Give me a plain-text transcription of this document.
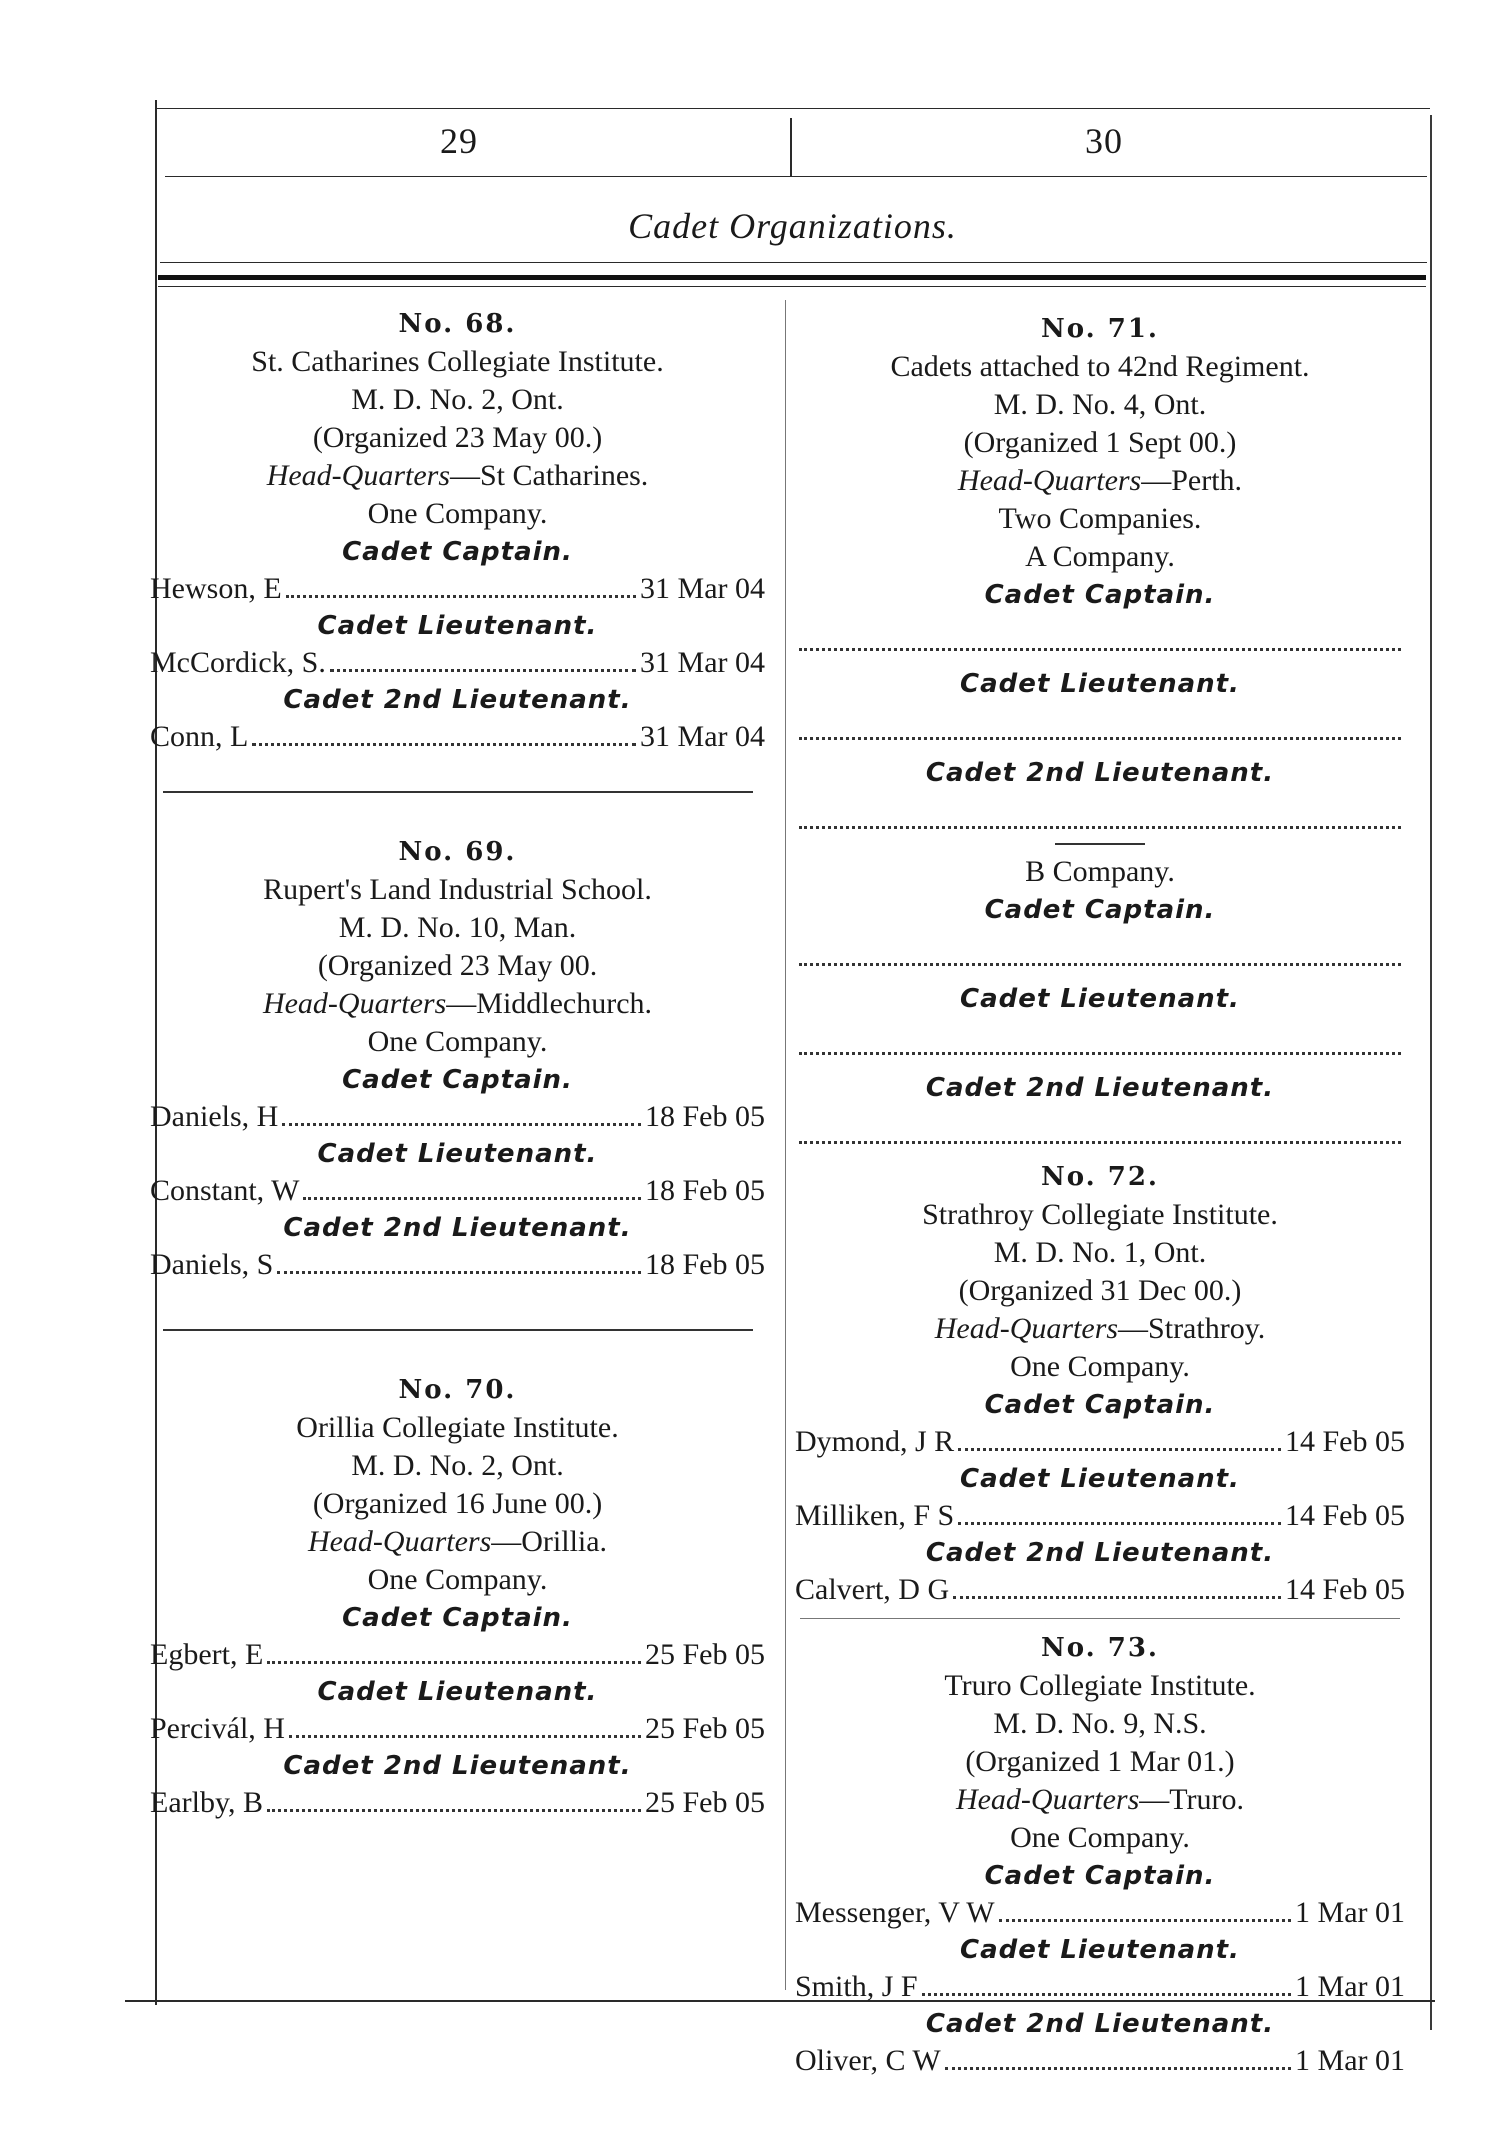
29	30
Cadet Organizations.
No. 68.
St. Catharines Collegiate Institute.
M. D. No. 2, Ont.
(Organized 23 May 00.)
Head-Quarters—St Catharines.
One Company.
Cadet Captain.
Hewson, E	31 Mar 04
Cadet Lieutenant.
McCordick, S.	31 Mar 04
Cadet 2nd Lieutenant.
Conn, L	31 Mar 04
No. 69.
Rupert's Land Industrial School.
M. D. No. 10, Man.
(Organized 23 May 00.
Head-Quarters—Middlechurch.
One Company.
Cadet Captain.
Daniels, H	18 Feb 05
Cadet Lieutenant.
Constant, W	18 Feb 05
Cadet 2nd Lieutenant.
Daniels, S	18 Feb 05
No. 70.
Orillia Collegiate Institute.
M. D. No. 2, Ont.
(Organized 16 June 00.)
Head-Quarters—Orillia.
One Company.
Cadet Captain.
Egbert, E	25 Feb 05
Cadet Lieutenant.
Percivál, H	25 Feb 05
Cadet 2nd Lieutenant.
Earlby, B	25 Feb 05
No. 71.
Cadets attached to 42nd Regiment.
M. D. No. 4, Ont.
(Organized 1 Sept 00.)
Head-Quarters—Perth.
Two Companies.
A Company.
Cadet Captain.
Cadet Lieutenant.
Cadet 2nd Lieutenant.
B Company.
Cadet Captain.
Cadet Lieutenant.
Cadet 2nd Lieutenant.
No. 72.
Strathroy Collegiate Institute.
M. D. No. 1, Ont.
(Organized 31 Dec 00.)
Head-Quarters—Strathroy.
One Company.
Cadet Captain.
Dymond, J R	14 Feb 05
Cadet Lieutenant.
Milliken, F S	14 Feb 05
Cadet 2nd Lieutenant.
Calvert, D G	14 Feb 05
No. 73.
Truro Collegiate Institute.
M. D. No. 9, N.S.
(Organized 1 Mar 01.)
Head-Quarters—Truro.
One Company.
Cadet Captain.
Messenger, V W	1 Mar 01
Cadet Lieutenant.
Smith, J F	1 Mar 01
Cadet 2nd Lieutenant.
Oliver, C W	1 Mar 01
